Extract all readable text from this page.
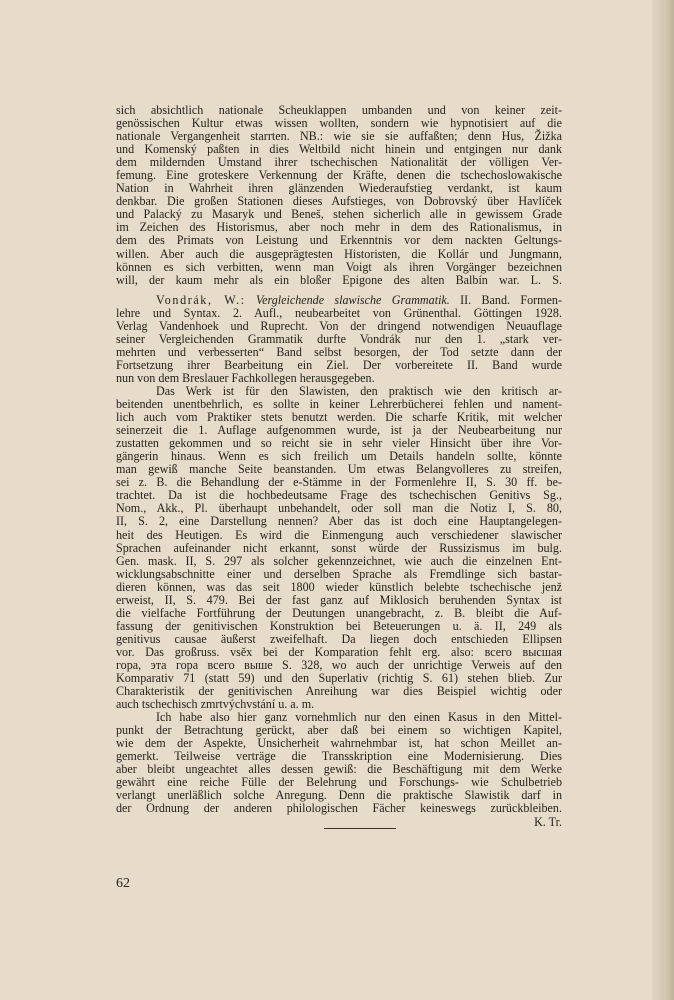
sich absichtlich nationale Scheuklappen umbanden und von keiner zeit-
genössischen Kultur etwas wissen wollten, sondern wie hypnotisiert auf die
nationale Vergangenheit starrten. NB.: wie sie sie auffaßten; denn Hus, Žižka
und Komenský paßten in dies Weltbild nicht hinein und entgingen nur dank
dem mildernden Umstand ihrer tschechischen Nationalität der völligen Ver-
femung. Eine groteskere Verkennung der Kräfte, denen die tschechoslowakische
Nation in Wahrheit ihren glänzenden Wiederaufstieg verdankt, ist kaum
denkbar. Die großen Stationen dieses Aufstieges, von Dobrovský über Havlíček
und Palacký zu Masaryk und Beneš, stehen sicherlich alle in gewissem Grade
im Zeichen des Historismus, aber noch mehr in dem des Rationalismus, in
dem des Primats von Leistung und Erkenntnis vor dem nackten Geltungs-
willen. Aber auch die ausgeprägtesten Historisten, die Kollár und Jungmann,
können es sich verbitten, wenn man Voigt als ihren Vorgänger bezeichnen
will, der kaum mehr als ein bloßer Epigone des alten Balbín war. L. S.
Vondrák, W.: Vergleichende slawische Grammatik. II. Band. Formen-
lehre und Syntax. 2. Aufl., neubearbeitet von Grünenthal. Göttingen 1928.
Verlag Vandenhoek und Ruprecht. Von der dringend notwendigen Neuauflage
seiner Vergleichenden Grammatik durfte Vondrák nur den 1. „stark ver-
mehrten und verbesserten“ Band selbst besorgen, der Tod setzte dann der
Fortsetzung ihrer Bearbeitung ein Ziel. Der vorbereitete II. Band wurde
nun von dem Breslauer Fachkollegen herausgegeben.
Das Werk ist für den Slawisten, den praktisch wie den kritisch ar-
beitenden unentbehrlich, es sollte in keiner Lehrerbücherei fehlen und nament-
lich auch vom Praktiker stets benutzt werden. Die scharfe Kritik, mit welcher
seinerzeit die 1. Auflage aufgenommen wurde, ist ja der Neubearbeitung nur
zustatten gekommen und so reicht sie in sehr vieler Hinsicht über ihre Vor-
gängerin hinaus. Wenn es sich freilich um Details handeln sollte, könnte
man gewiß manche Seite beanstanden. Um etwas Belangvolleres zu streifen,
sei z. B. die Behandlung der e-Stämme in der Formenlehre II, S. 30 ff. be-
trachtet. Da ist die hochbedeutsame Frage des tschechischen Genitivs Sg.,
Nom., Akk., Pl. überhaupt unbehandelt, oder soll man die Notiz I, S. 80,
II, S. 2, eine Darstellung nennen? Aber das ist doch eine Hauptangelegen-
heit des Heutigen. Es wird die Einmengung auch verschiedener slawischer
Sprachen aufeinander nicht erkannt, sonst würde der Russizismus im bulg.
Gen. mask. II, S. 297 als solcher gekennzeichnet, wie auch die einzelnen Ent-
wicklungsabschnitte einer und derselben Sprache als Fremdlinge sich bastar-
dieren können, was das seit 1800 wieder künstlich belebte tschechische jenž
erweist, II, S. 479. Bei der fast ganz auf Miklosich beruhenden Syntax ist
die vielfache Fortführung der Deutungen unangebracht, z. B. bleibt die Auf-
fassung der genitivischen Konstruktion bei Beteuerungen u. ä. II, 249 als
genitivus causae äußerst zweifelhaft. Da liegen doch entschieden Ellipsen
vor. Das großruss. vsěx bei der Komparation fehlt erg. also: всего высшая
гора, эта гора всего выше S. 328, wo auch der unrichtige Verweis auf den
Komparativ 71 (statt 59) und den Superlativ (richtig S. 61) stehen blieb. Zur
Charakteristik der genitivischen Anreihung war dies Beispiel wichtig oder
auch tschechisch zmrtvýchvstání u. a. m.
Ich habe also hier ganz vornehmlich nur den einen Kasus in den Mittel-
punkt der Betrachtung gerückt, aber daß bei einem so wichtigen Kapitel,
wie dem der Aspekte, Unsicherheit wahrnehmbar ist, hat schon Meillet an-
gemerkt. Teilweise verträge die Transskription eine Modernisierung. Dies
aber bleibt ungeachtet alles dessen gewiß: die Beschäftigung mit dem Werke
gewährt eine reiche Fülle der Belehrung und Forschungs- wie Schulbetrieb
verlangt unerläßlich solche Anregung. Denn die praktische Slawistik darf in
der Ordnung der anderen philologischen Fächer keineswegs zurückbleiben.
K. Tr.
62
